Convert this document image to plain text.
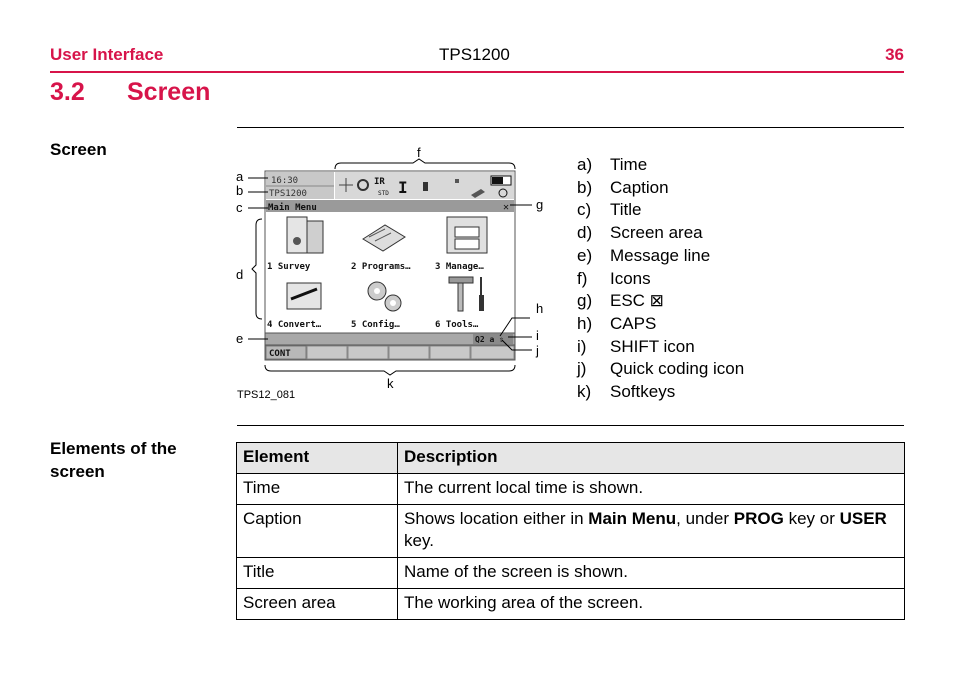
User Interface	TPS1200	36
3.2 Screen
Screen
16:30
TPS1200
IR
STD I
Main Menu	✕
1 Survey	2 Programs…	3 Manage…
4 Convert…	5 Config…	6 Tools…
Q2 a ⇧
CONT
a
b
c
d
e
f
g
h
i
j
k
TPS12_081
a)	Time
b)	Caption
c)	Title
d)	Screen area
e)	Message line
f)	Icons
g)	ESC ⊠
h)	CAPS
i)	SHIFT icon
j)	Quick coding icon
k)	Softkeys
Elements of the
screen
Element	Description
Time	The current local time is shown.
Caption	Shows location either in Main Menu, under PROG key or USER key.
Title	Name of the screen is shown.
Screen area	The working area of the screen.
